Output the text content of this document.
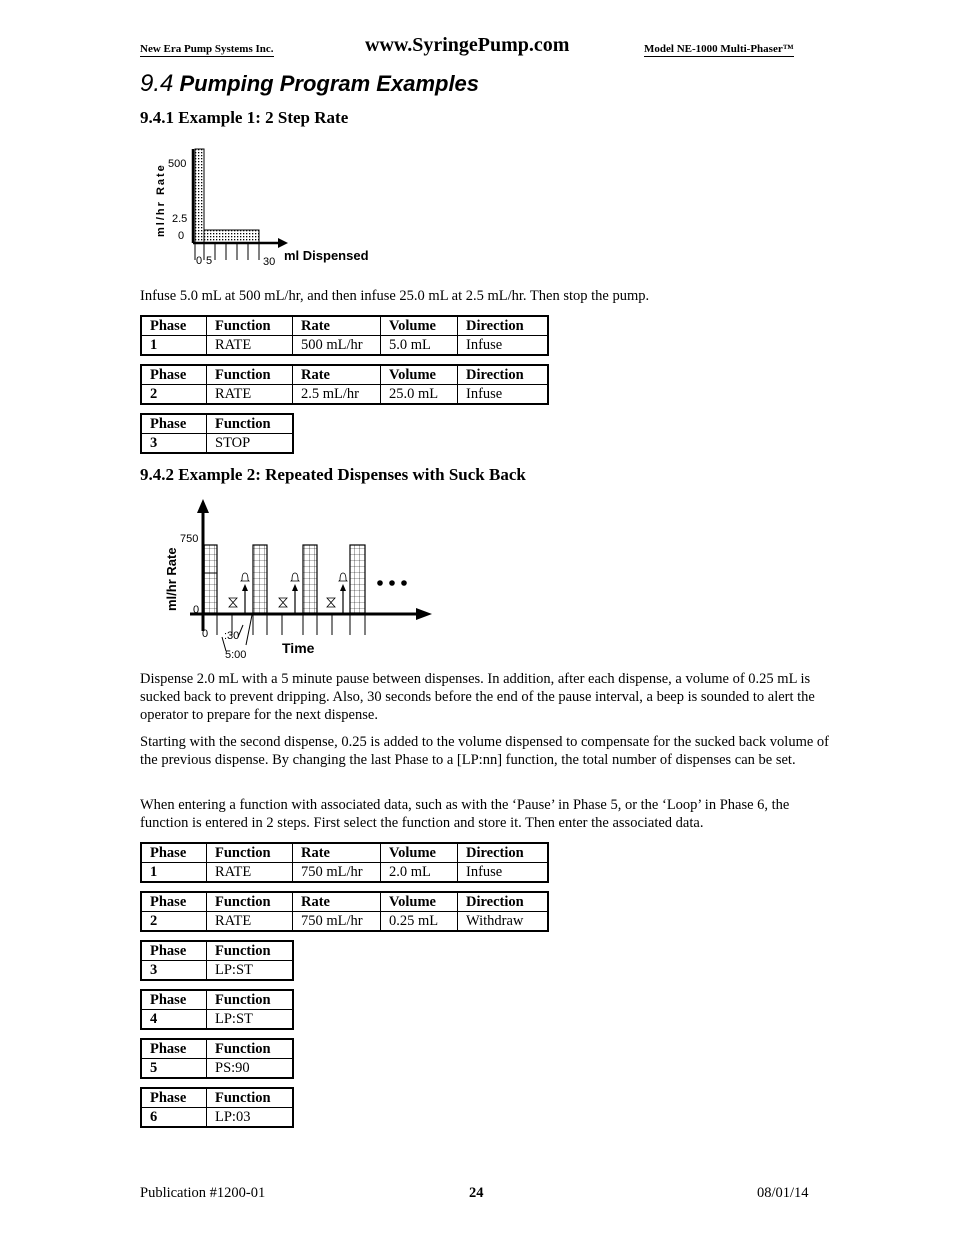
New Era Pump Systems Inc.	www.SyringePump.com	Model NE-1000 Multi-Phaser™
9.4 Pumping Program Examples
9.4.1 Example 1: 2 Step Rate
500
2.5
0
0 5	30 ml Dispensed
ml/hr Rate
Infuse 5.0 mL at 500 mL/hr, and then infuse 25.0 mL at 2.5 mL/hr. Then stop the pump.
Phase	Function	Rate	Volume	Direction
1	RATE	500 mL/hr	5.0 mL	Infuse
Phase	Function	Rate	Volume	Direction
2	RATE	2.5 mL/hr	25.0 mL	Infuse
Phase	Function
3	STOP
9.4.2 Example 2: Repeated Dispenses with Suck Back
750
0
0 :30
5:00	Time
ml/hr Rate
Dispense 2.0 mL with a 5 minute pause between dispenses. In addition, after each dispense, a volume of 0.25 mL is sucked back to prevent dripping. Also, 30 seconds before the end of the pause interval, a beep is sounded to alert the operator to prepare for the next dispense.
Starting with the second dispense, 0.25 is added to the volume dispensed to compensate for the sucked back volume of the previous dispense. By changing the last Phase to a [LP:nn] function, the total number of dispenses can be set.
When entering a function with associated data, such as with the ‘Pause’ in Phase 5, or the ‘Loop’ in Phase 6, the function is entered in 2 steps. First select the function and store it. Then enter the associated data.
Phase	Function	Rate	Volume	Direction
1	RATE	750 mL/hr	2.0 mL	Infuse
Phase	Function	Rate	Volume	Direction
2	RATE	750 mL/hr	0.25 mL	Withdraw
Phase	Function
3	LP:ST
Phase	Function
4	LP:ST
Phase	Function
5	PS:90
Phase	Function
6	LP:03
Publication #1200-01	24	08/01/14
